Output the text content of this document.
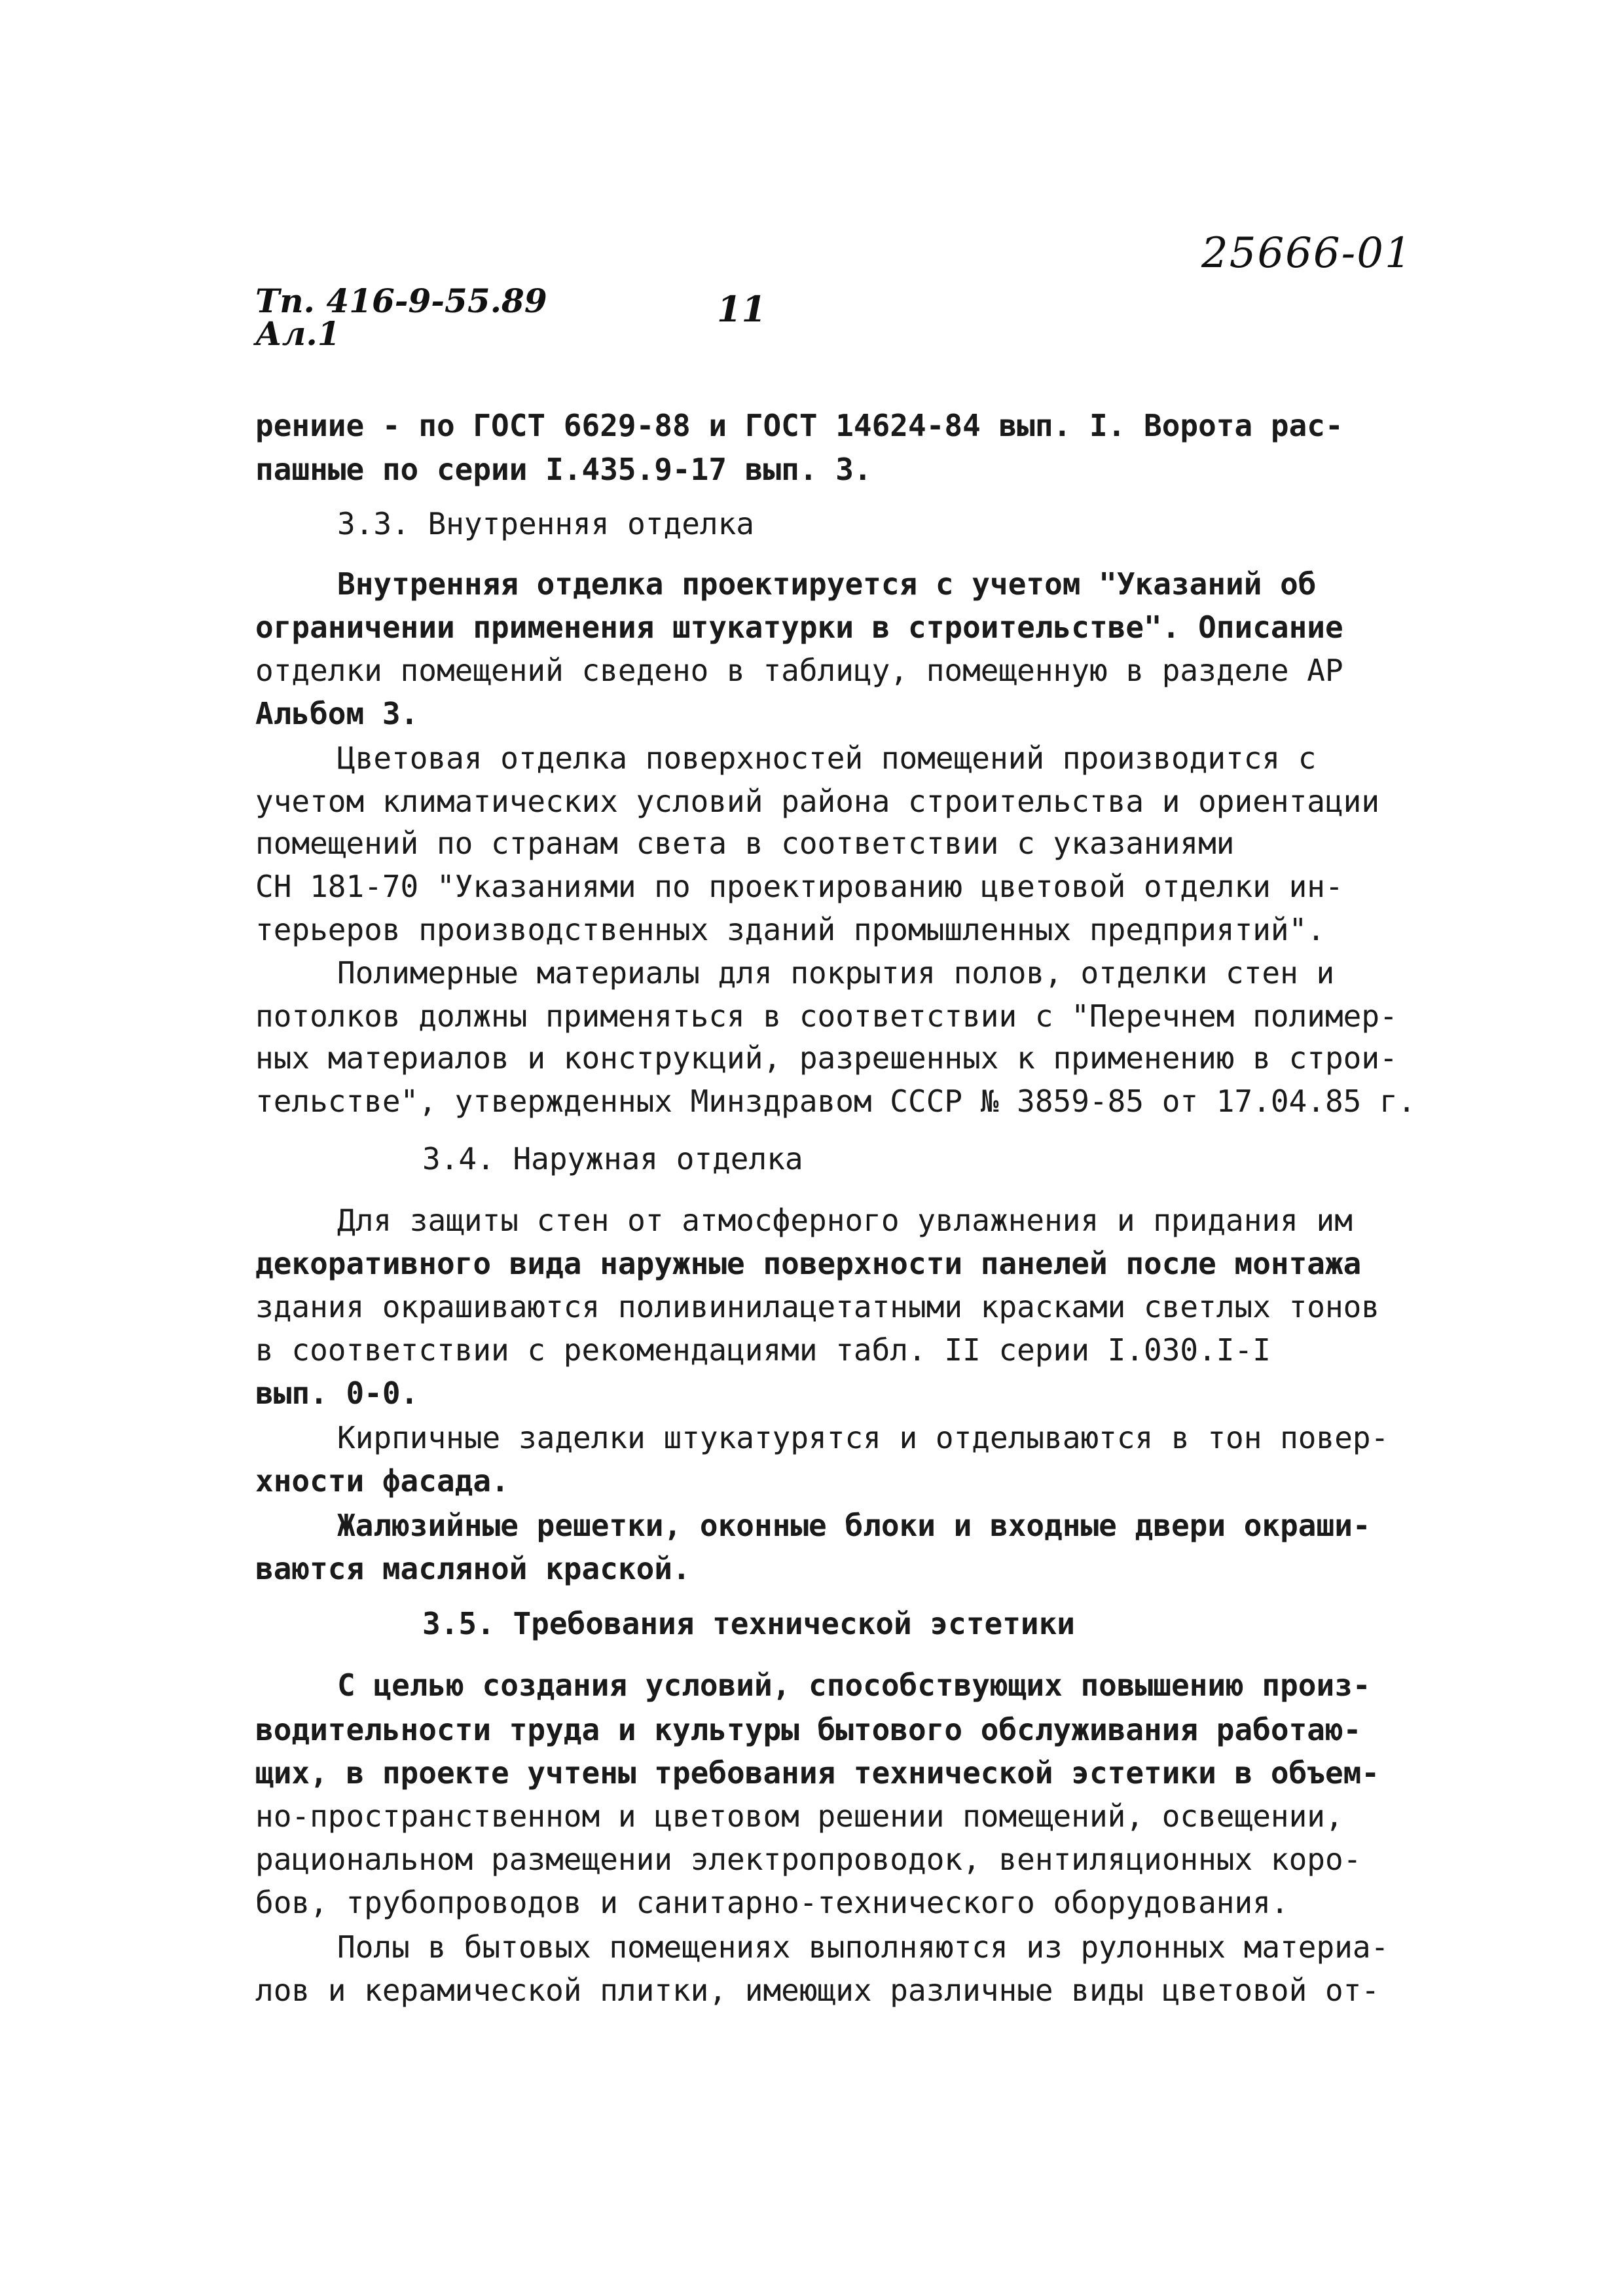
25666-01
Тп. 416-9-55.89
Ал.1
11
рениие - по ГОСТ 6629-88 и ГОСТ 14624-84 вып. I. Ворота рас-
пашные по серии I.435.9-17 вып. 3.
3.3. Внутренняя отделка
Внутренняя отделка проектируется с учетом "Указаний об
ограничении применения штукатурки в строительстве". Описание
отделки помещений сведено в таблицу, помещенную в разделе АР
Альбом 3.
Цветовая отделка поверхностей помещений производится с
учетом климатических условий района строительства и ориентации
помещений по странам света в соответствии с указаниями
СН 181-70 "Указаниями по проектированию цветовой отделки ин-
терьеров производственных зданий промышленных предприятий".
Полимерные материалы для покрытия полов, отделки стен и
потолков должны применяться в соответствии с "Перечнем полимер-
ных материалов и конструкций, разрешенных к применению в строи-
тельстве", утвержденных Минздравом СССР № 3859-85 от 17.04.85 г.
3.4. Наружная отделка
Для защиты стен от атмосферного увлажнения и придания им
декоративного вида наружные поверхности панелей после монтажа
здания окрашиваются поливинилацетатными красками светлых тонов
в соответствии с рекомендациями табл. II серии I.030.I-I
вып. 0-0.
Кирпичные заделки штукатурятся и отделываются в тон повер-
хности фасада.
Жалюзийные решетки, оконные блоки и входные двери окраши-
ваются масляной краской.
3.5. Требования технической эстетики
С целью создания условий, способствующих повышению произ-
водительности труда и культуры бытового обслуживания работаю-
щих, в проекте учтены требования технической эстетики в объем-
но-пространственном и цветовом решении помещений, освещении,
рациональном размещении электропроводок, вентиляционных коро-
бов, трубопроводов и санитарно-технического оборудования.
Полы в бытовых помещениях выполняются из рулонных материа-
лов и керамической плитки, имеющих различные виды цветовой от-
